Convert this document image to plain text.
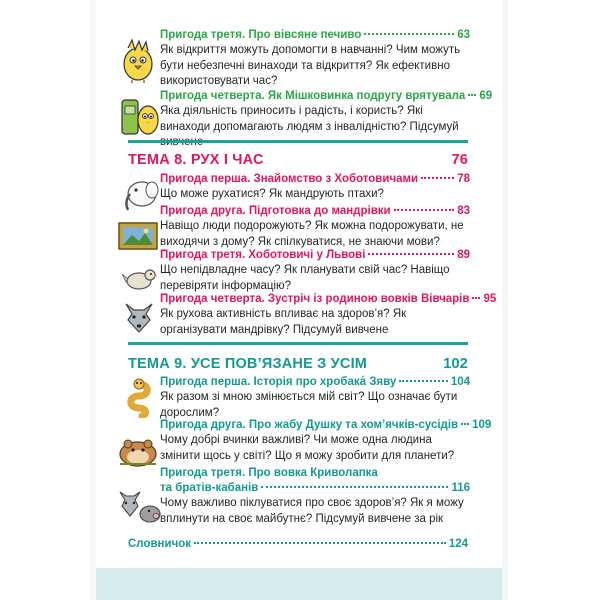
Пригода третя. Про вівсяне печиво	63
Як відкриття можуть допомогти в навчанні? Чим можуть бути небезпечні винаходи та відкриття? Як ефективно використовувати час?
Пригода четверта. Як Мішковинка подругу врятувала 69
Яка діяльність приносить і радість, і користь? Які винаходи допомагають людям з інвалідністю? Підсумуй
ТЕМА 8. РУХ І ЧАС	76
Пригода перша. Знайомство з Хоботовичами	78
Що може рухатися? Як мандрують птахи?
Пригода друга. Підготовка до мандрівки	83
Навіщо люди подорожують? Як можна подорожувати, не виходячи з дому? Як спілкуватися, не знаючи мови?
Пригода третя. Хоботовичі у Львові	89
Що непідвладне часу? Як планувати свій час? Навіщо перевіряти інформацію?
Пригода четверта. Зустріч із родиною вовків Вівчарів 95
Як рухова активність впливає на здоров’я? Як організувати мандрівку? Підсумуй вивчене
ТЕМА 9. УСЕ ПОВ’ЯЗАНЕ З УСІМ	102
Пригода перша. Історія про хробака́ Зяву	104
Як разом зі мною змінюється мій світ? Що означає бути дорослим?
Пригода друга. Про жабу Душку та хом’ячків-сусідів 109
Чому добрі вчинки важливі? Чи може одна людина змінити щось у світі? Що я можу зробити для планети?
Пригода третя. Про вовка Криволапка
та братів-кабанів	116
Чому важливо піклуватися про своє здоров’я? Як я можу вплинути на своє майбутнє? Підсумуй вивчене за рік
Словничок	124
